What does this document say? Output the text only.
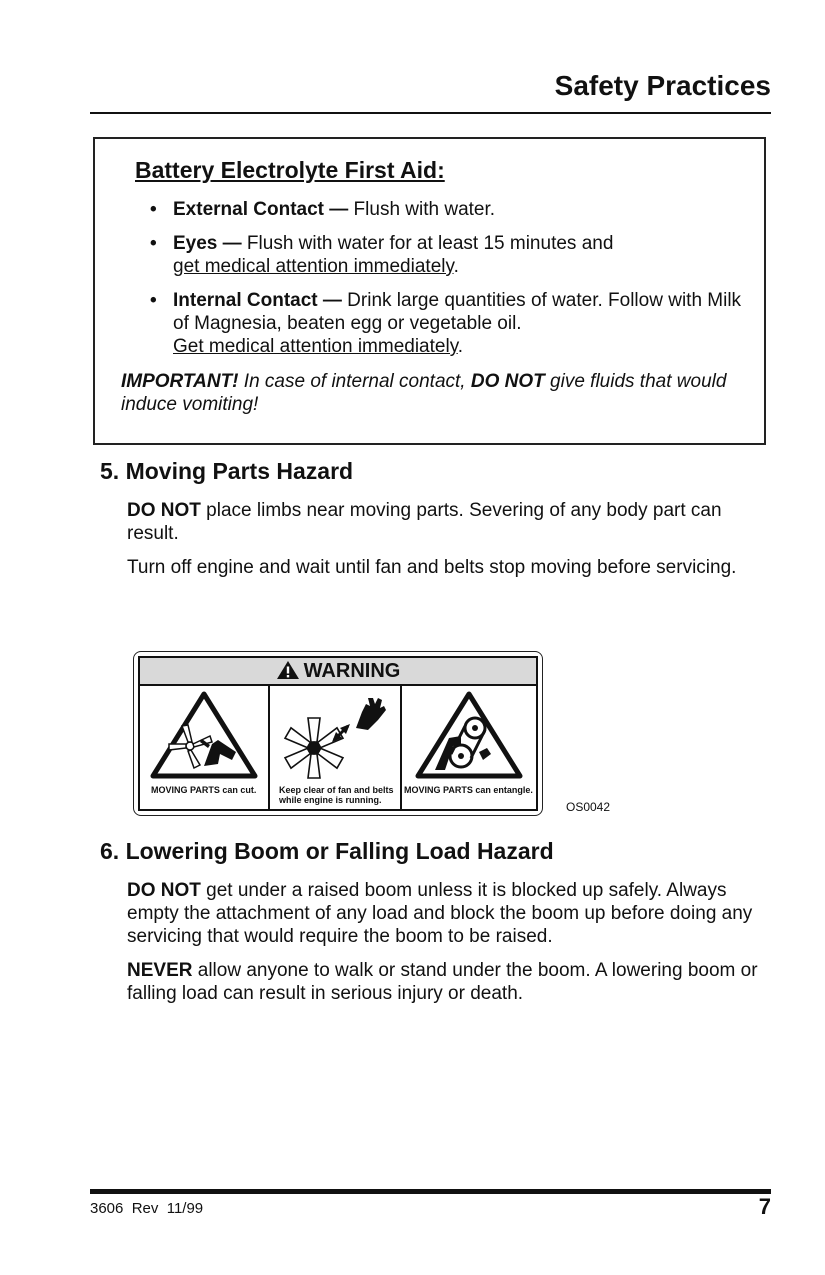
Safety Practices
Battery Electrolyte First Aid:
• External Contact — Flush with water.
• Eyes — Flush with water for at least 15 minutes and
get medical attention immediately.
• Internal Contact — Drink large quantities of water. Follow with Milk of Magnesia, beaten egg or vegetable oil.
Get medical attention immediately.

IMPORTANT! In case of internal contact, DO NOT give fluids that would induce vomiting!

5. Moving Parts Hazard

DO NOT place limbs near moving parts. Severing of any body part can result.

Turn off engine and wait until fan and belts stop moving before servicing.

WARNING
MOVING PARTS can cut.	Keep clear of fan and belts
while engine is running.
MOVING PARTS can entangle.
OS0042
6. Lowering Boom or Falling Load Hazard

DO NOT get under a raised boom unless it is blocked up safely. Always empty the attachment of any load and block the boom up before doing any servicing that would require the boom to be raised.

NEVER allow anyone to walk or stand under the boom. A lowering boom or falling load can result in serious injury or death.

3606  Rev  11/99	7
